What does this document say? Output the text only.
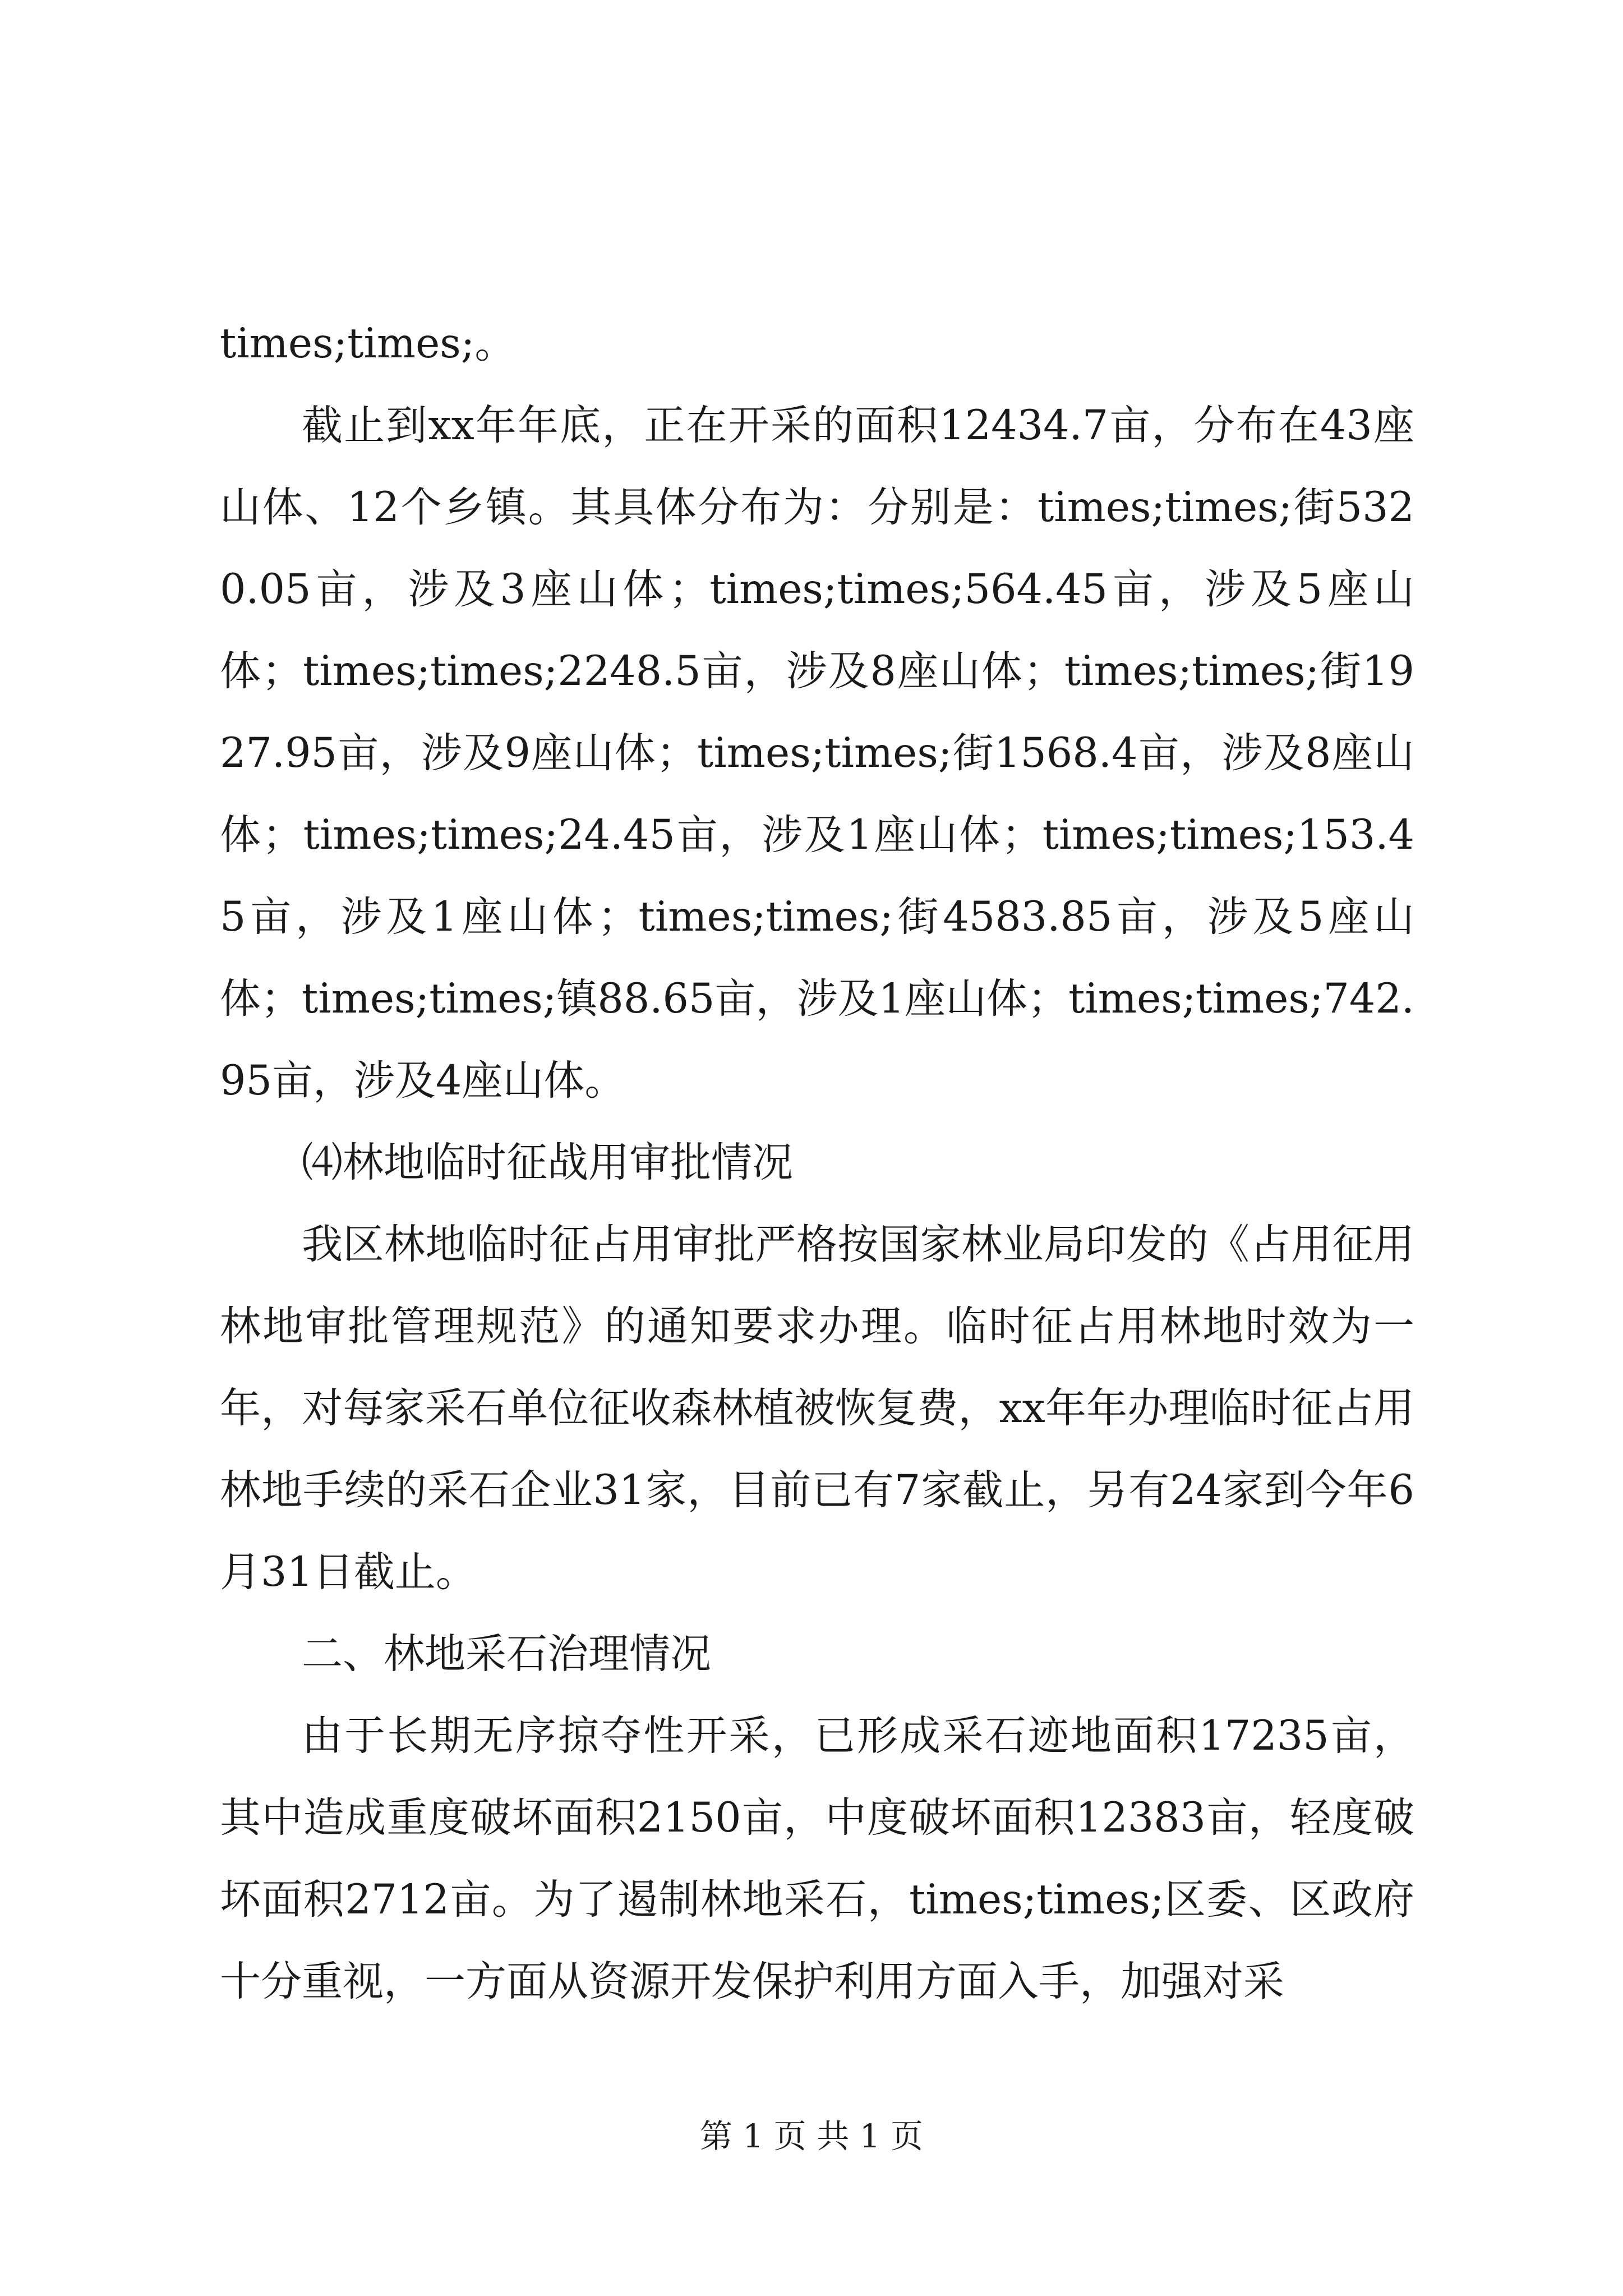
times;times;。

截止到xx年年底，正在开采的面积12434.7亩，分布在43座山体、12个乡镇。其具体分布为：分别是：times;times;街5320.05亩，涉及3座山体；times;times;564.45亩，涉及5座山体；times;times;2248.5亩，涉及8座山体；times;times;街1927.95亩，涉及9座山体；times;times;街1568.4亩，涉及8座山体；times;times;24.45亩，涉及1座山体；times;times;153.45亩，涉及1座山体；times;times;街4583.85亩，涉及5座山体；times;times;镇88.65亩，涉及1座山体；times;times;742.95亩，涉及4座山体。

⑷林地临时征战用审批情况

我区林地临时征占用审批严格按国家林业局印发的《占用征用林地审批管理规范》的通知要求办理。临时征占用林地时效为一年，对每家采石单位征收森林植被恢复费，xx年年办理临时征占用林地手续的采石企业31家，目前已有7家截止，另有24家到今年6月31日截止。

二、林地采石治理情况

由于长期无序掠夺性开采，已形成采石迹地面积17235亩，其中造成重度破坏面积2150亩，中度破坏面积12383亩，轻度破坏面积2712亩。为了遏制林地采石，times;times;区委、区政府十分重视，一方面从资源开发保护利用方面入手，加强对采

第 1 页 共 1 页
